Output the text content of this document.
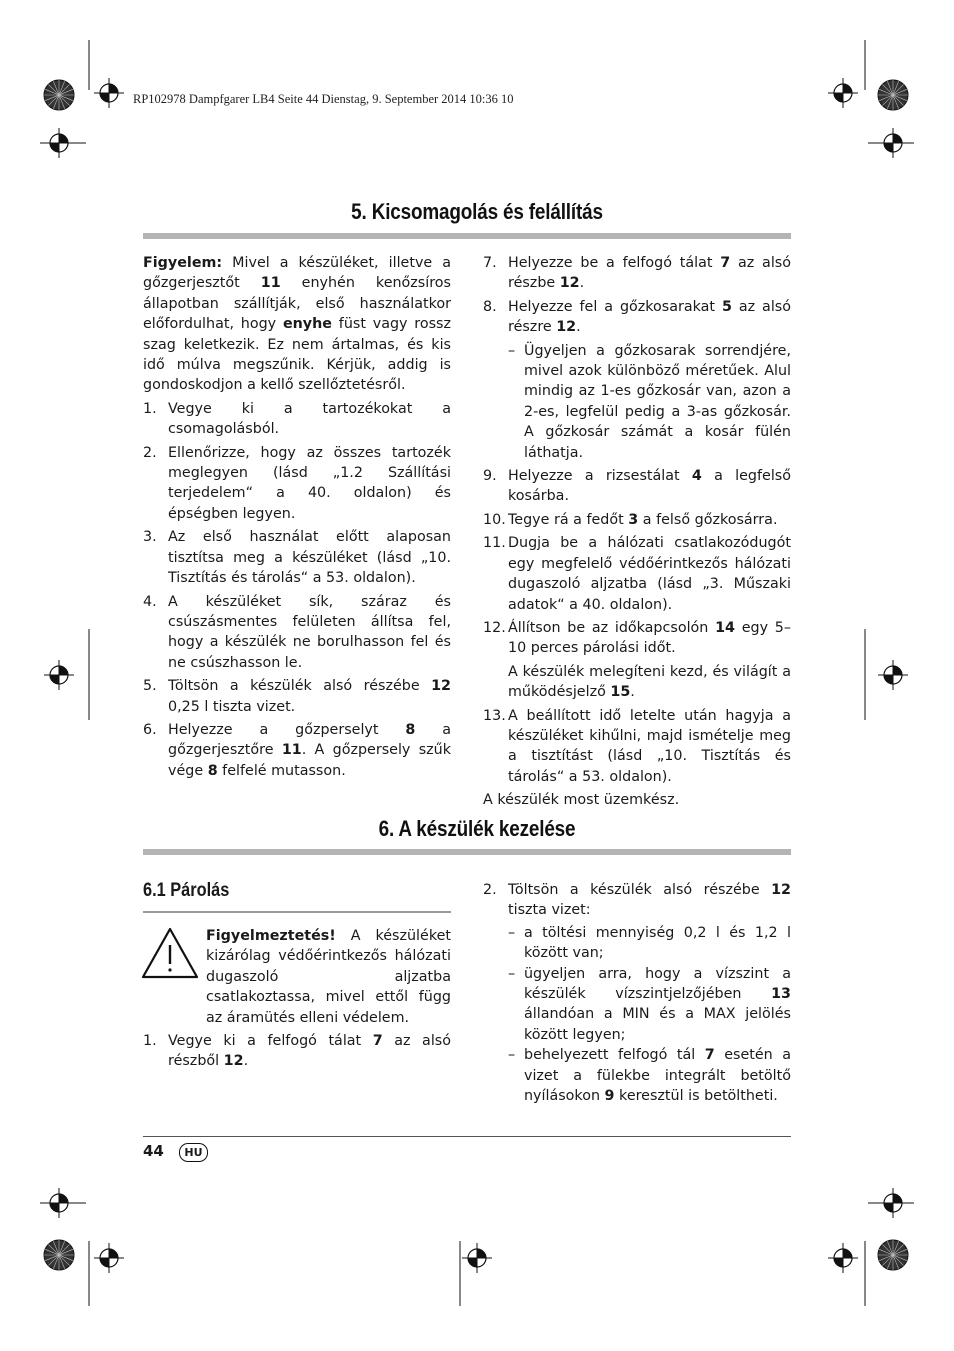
RP102978 Dampfgarer LB4 Seite 44 Dienstag, 9. September 2014 10:36 10
5. Kicsomagolás és felállítás

Figyelem: Mivel a készüléket, illetve a gőzgerjesztőt 11 enyhén kenőzsíros állapotban szállítják, első használatkor előfordulhat, hogy enyhe füst vagy rossz szag keletkezik. Ez nem ártalmas, és kis idő múlva megszűnik. Kérjük, addig is gondoskodjon a kellő szellőztetésről.

1. Vegye ki a tartozékokat a csomagolásból.

2. Ellenőrizze, hogy az összes tartozék meglegyen (lásd „1.2 Szállítási terjedelem“ a 40. oldalon) és épségben legyen.

3. Az első használat előtt alaposan tisztítsa meg a készüléket (lásd „10. Tisztítás és tárolás“ a 53. oldalon).

4. A készüléket sík, száraz és csúszásmentes felületen állítsa fel, hogy a készülék ne borulhasson fel és ne csúszhasson le.

5. Töltsön a készülék alsó részébe 12 0,25 l tiszta vizet.

6. Helyezze a gőzperselyt 8 a gőzgerjesztőre 11. A gőzpersely szűk vége 8 felfelé mutasson.

7. Helyezze be a felfogó tálat 7 az alsó részbe 12.

8. Helyezze fel a gőzkosarakat 5 az alsó részre 12.

– Ügyeljen a gőzkosarak sorrendjére, mivel azok különböző méretűek. Alul mindig az 1-es gőzkosár van, azon a 2-es, legfelül pedig a 3-as gőzkosár. A gőzkosár számát a kosár fülén láthatja.

9. Helyezze a rizsestálat 4 a legfelső kosárba.

10. Tegye rá a fedőt 3 a felső gőzkosárra.

11. Dugja be a hálózati csatlakozódugót egy megfelelő védőérintkezős hálózati dugaszoló aljzatba (lásd „3. Műszaki adatok“ a 40. oldalon).

12. Állítson be az időkapcsolón 14 egy 5–10 perces párolási időt.

A készülék melegíteni kezd, és világít a működésjelző 15.

13. A beállított idő letelte után hagyja a készüléket kihűlni, majd ismételje meg a tisztítást (lásd „10. Tisztítás és tárolás“ a 53. oldalon).

A készülék most üzemkész.

6. A készülék kezelése
6.1 Párolás

Figyelmeztetés! A készüléket kizárólag védőérintkezős hálózati dugaszoló aljzatba csatlakoztassa, mivel ettől függ az áramütés elleni védelem.

1. Vegye ki a felfogó tálat 7 az alsó részből 12.

2. Töltsön a készülék alsó részébe 12 tiszta vizet:

– a töltési mennyiség 0,2 l és 1,2 l között van;

– ügyeljen arra, hogy a vízszint a készülék vízszintjelzőjében 13 állandóan a MIN és a MAX jelölés között legyen;

– behelyezett felfogó tál 7 esetén a vizet a fülekbe integrált betöltő nyílásokon 9 keresztül is betöltheti.

44	HU
